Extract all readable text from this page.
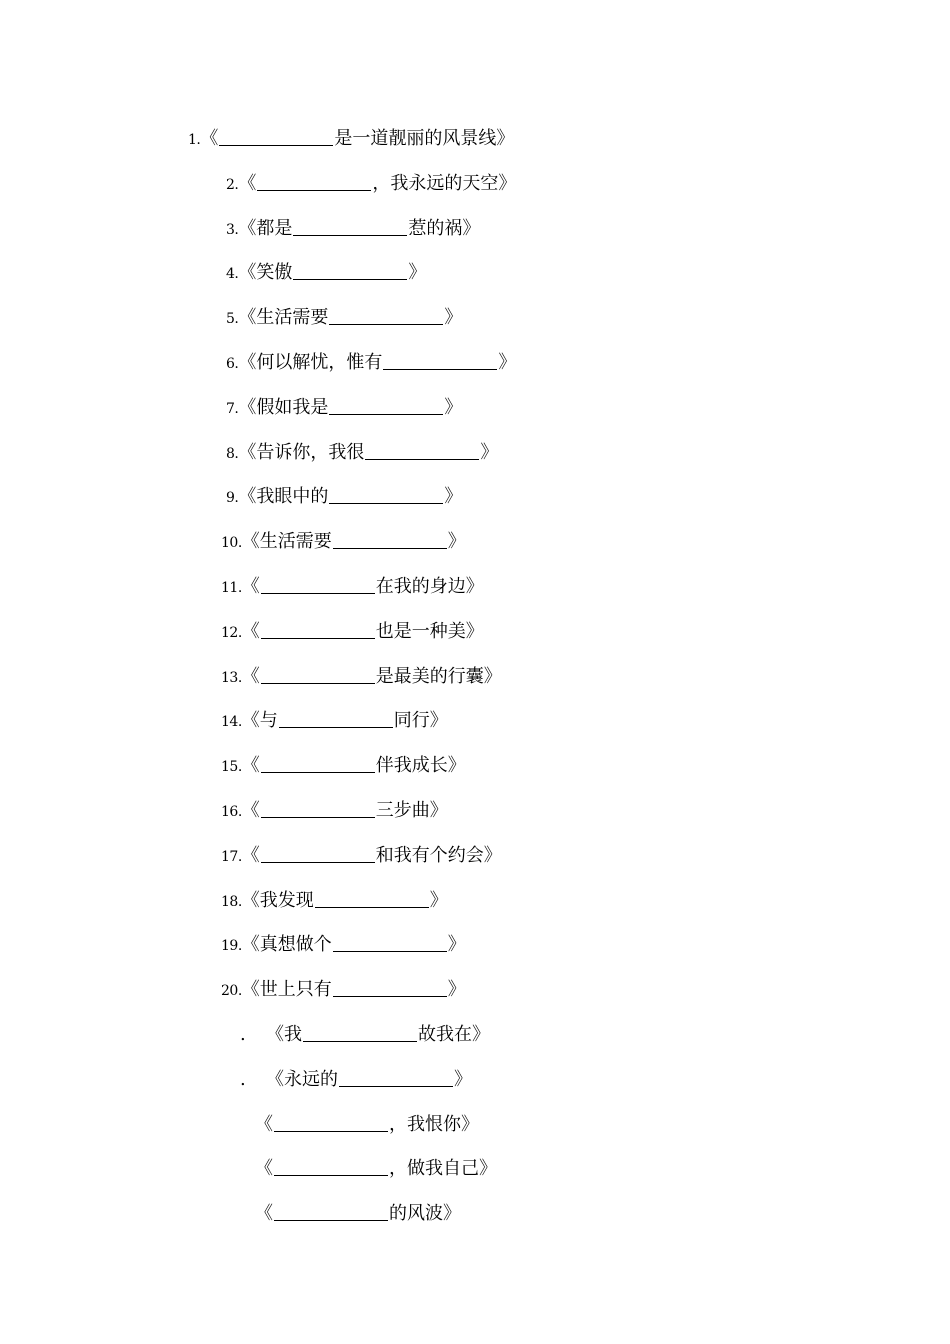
1. 《	是一道靓丽的风景线 》
2. 《	，我永远的天空 》
3. 《 都是	惹的祸 》
4. 《 笑傲	》
5. 《 生活需要	》
6. 《 何以解忧，惟有	》
7. 《 假如我是	》
8. 《 告诉你，我很	》
9. 《 我眼中的	》
10. 《 生活需要	》
11. 《	在我的身边 》
12. 《	也是一种美 》
13. 《	是最美的行囊 》
14. 《 与	同行 》
15. 《	伴我成长 》
16. 《	三步曲 》
17. 《	和我有个约会 》
18. 《 我发现	》
19. 《 真想做个	》
20. 《 世上只有	》
.	《 我	故我在 》
.	《 永远的	》
《	，我恨你 》
《	，做我自己 》
《	的风波 》
